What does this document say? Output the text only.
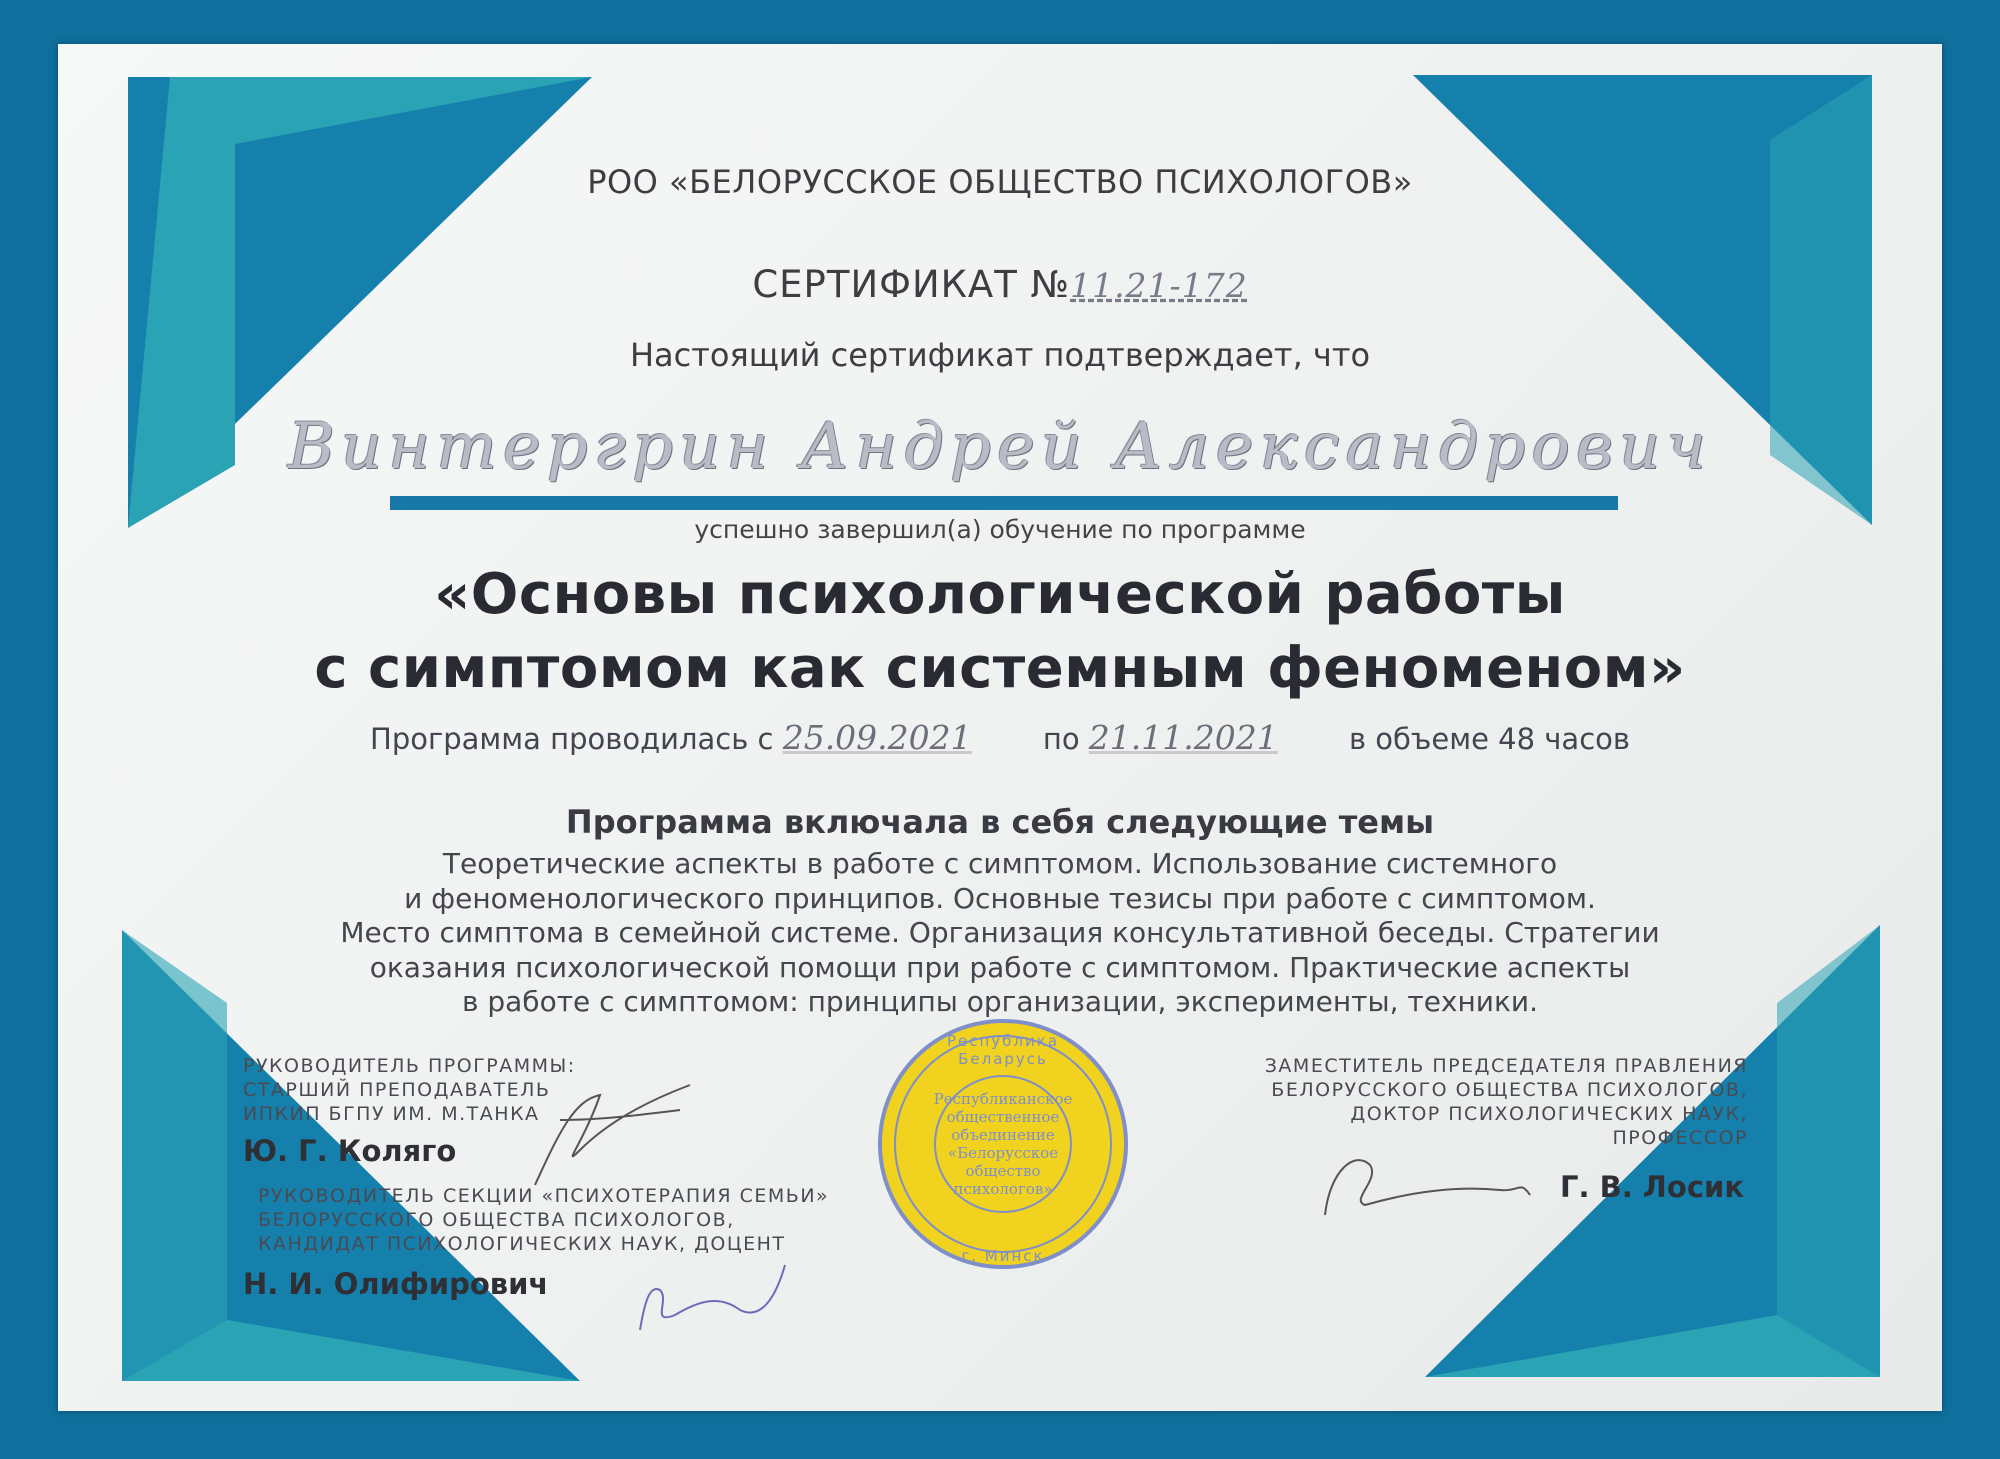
Республиканское
общественное
объединение
«Белорусское
общество
психологов»
Республика Беларусь
г. Минск
РОО «БЕЛОРУССКОЕ ОБЩЕСТВО ПСИХОЛОГОВ»
СЕРТИФИКАТ №11.21-172
Настоящий сертификат подтверждает, что
Винтергрин Андрей Александрович
успешно завершил(а) обучение по программе
«Основы психологической работы
с симптомом как системным феноменом»
Программа проводилась с 25.09.2021 по 21.11.2021 в объеме 48 часов
Программа включала в себя следующие темы
Теоретические аспекты в работе с симптомом. Использование системного
и феноменологического принципов. Основные тезисы при работе с симптомом.
Место симптома в семейной системе. Организация консультативной беседы. Стратегии
оказания психологической помощи при работе с симптомом. Практические аспекты
в работе с симптомом: принципы организации, эксперименты, техники.
РУКОВОДИТЕЛЬ ПРОГРАММЫ:
СТАРШИЙ ПРЕПОДАВАТЕЛЬ
ИПКИП БГПУ ИМ. М.ТАНКА
Ю. Г. Коляго
РУКОВОДИТЕЛЬ СЕКЦИИ «ПСИХОТЕРАПИЯ СЕМЬИ»
БЕЛОРУССКОГО ОБЩЕСТВА ПСИХОЛОГОВ,
КАНДИДАТ ПСИХОЛОГИЧЕСКИХ НАУК, ДОЦЕНТ
Н. И. Олифирович
ЗАМЕСТИТЕЛЬ ПРЕДСЕДАТЕЛЯ ПРАВЛЕНИЯ
БЕЛОРУССКОГО ОБЩЕСТВА ПСИХОЛОГОВ,
ДОКТОР ПСИХОЛОГИЧЕСКИХ НАУК,
ПРОФЕССОР
Г. В. Лосик
